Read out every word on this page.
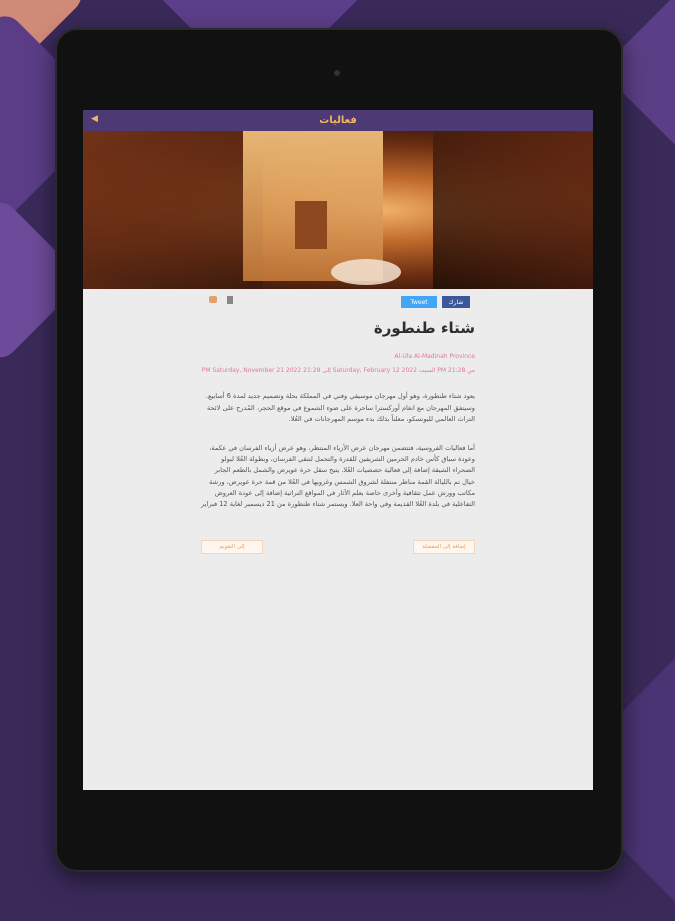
◀	فعاليات
Tweet	شارك
شتاء طنطورة
Al-Ula Al-Madinah Province
من 21:28 PM السبت Saturday, February 12 2022 إلى 21:28 PM Saturday, November 21 2022
يعود شتاء طنطورة، وهو أول مهرجان موسيقي وفني في المملكة بحلة وتصميم جديد لمدة 6 أسابيع. وسيتفق المهرجان مع انغام أوركسترا ساحرة على ضوء الشموع في موقع الحجر، المُدرج على لائحة التراث العالمي لليونسكو، معلناً بذلك بدء موسم المهرجانات في العُلا.
أما فعاليات الفروسية، فتتضمن مهرجان عرض الأزياء المنتظر، وهو عرض أزياء الفرسان في عكمة، وعودة سباق كأس خادم الحرمين الشريفين للقدرة والتحمل لنتقي الفرسان، وبطولة العُلا لبولو الصحراء الشيقة إضافة إلى فعالية حصصيات العُلا. يتيح سقل حرة عويرض والشمل بالطعم الجابر خيال تم بالليالة القمة مناظر منتفلة لشروق الشمس وغروبها في العُلا من قمة حرة عويرض، ورشة مكاتب وورش عمل تثقافية وأخرى خاصة بعلم الآثار في المواقع التراثية إضافة إلى عودة العروض التفاعلية في بلدة العُلا القديمة وفي واحة العلا. ويستمر شتاء طنطورة من 21 ديسمبر لغاية 12 فبراير
إلى التقويم	إضافة إلى المفضلة
